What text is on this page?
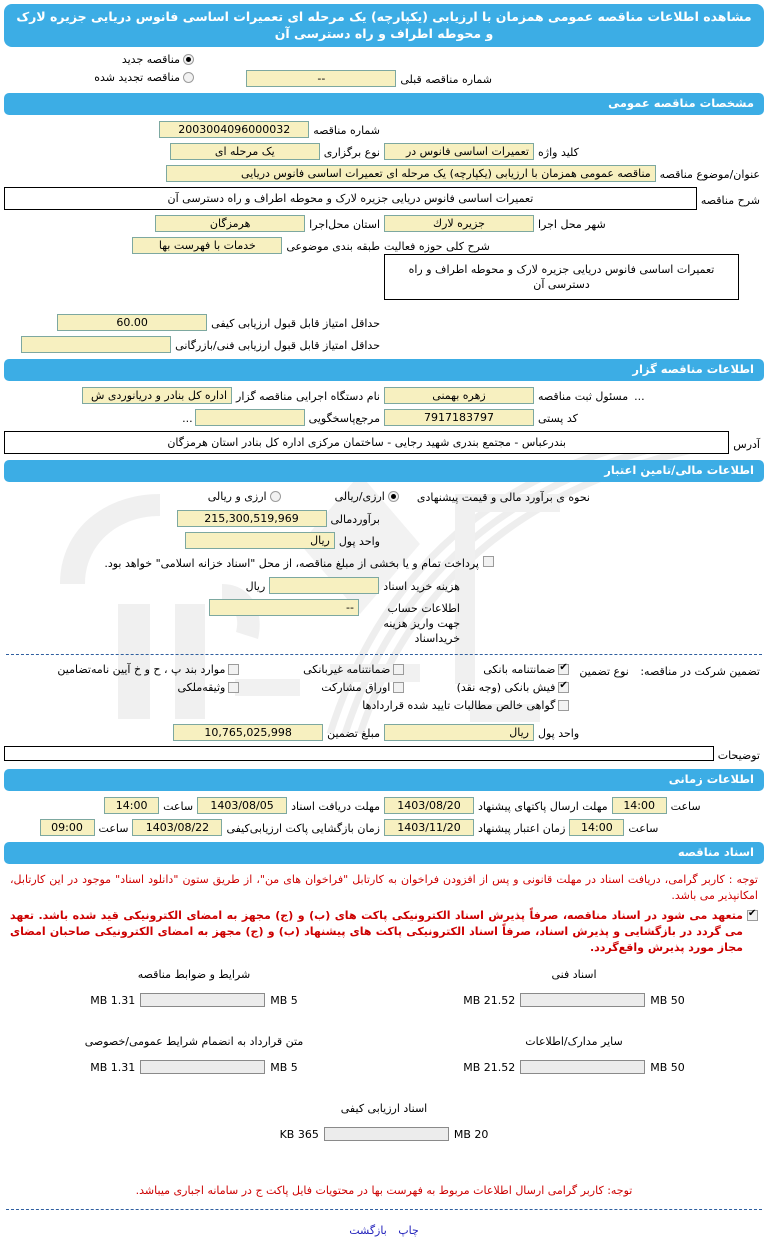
مشاهده اطلاعات مناقصه عمومی همزمان با ارزیابی (یکپارچه) یک مرحله ای تعمیرات اساسی فانوس دریایی جزیره لارک و محوطه اطراف و راه دسترسی آن
مناقصه جدید
مناقصه تجدید شده	شماره مناقصه قبلی
--
مشخصات مناقصه عمومی
شماره مناقصه
2003004096000032
کلید واژه
تعمیرات اساسی فانوس در
نوع برگزاری
یک مرحله ای
عنوان/موضوع مناقصه
مناقصه عمومی همزمان با ارزیابی (یکپارچه) یک مرحله ای تعمیرات اساسی فانوس دریایی
شرح مناقصه
تعمیرات اساسی فانوس دریایی جزیره لارک و محوطه اطراف و راه دسترسی آن
شهر محل اجرا
جزیره لارك
استان محل‌اجرا
هرمزگان
شرح کلی حوزه فعالیت
تعمیرات اساسی فانوس دریایی جزیره لارک و محوطه اطراف و راه دسترسی آن
طبقه بندی موضوعی
خدمات با فهرست بها
حداقل امتیاز قابل قبول ارزیابی کیفی
60.00
حداقل امتیاز قابل قبول ارزیابی فنی/بازرگانی
اطلاعات مناقصه گزار
...
مسئول ثبت مناقصه
زهره بهمنی
نام دستگاه اجرایی مناقصه گزار
اداره کل بنادر و دریانوردی ش
کد پستی
7917183797
مرجع‌پاسخگویی
...
آدرس
بندرعباس - مجتمع بندری شهید رجایی - ساختمان مرکزی اداره کل بنادر استان هرمزگان
اطلاعات مالی/تامین اعتبار
نحوه ی برآورد مالی و قیمت پیشنهادی
ارزی/ریالی
ارزی و ریالی
برآوردمالی
215,300,519,969
واحد پول
ریال
پرداخت تمام و یا بخشی از مبلغ مناقصه، از محل "اسناد خزانه اسلامی" خواهد بود.
هزینه خرید اسناد
ریال
اطلاعات حساب جهت واریز هزینه خریداسناد
--
تضمین شرکت در مناقصه: نوع تضمین
✔
ضمانتنامه بانکی
✔
فیش بانکی (وجه نقد)
گواهی خالص مطالبات تایید شده قراردادها
ضمانتنامه غیربانکی
اوراق مشارکت
موارد بند پ ، ح و خ آیین نامه‌تضامین
وثیقه‌ملکی
واحد پول
ریال
مبلغ تضمین
10,765,025,998
توضیحات
اطلاعات زمانی
ساعت
14:00
مهلت ارسال پاکتهای پیشنهاد
1403/08/20
مهلت دریافت اسناد
1403/08/05
ساعت
14:00
ساعت
14:00
زمان اعتبار پیشنهاد
1403/11/20
زمان بازگشایی پاکت ارزیابی‌کیفی
1403/08/22
ساعت
09:00
اسناد مناقصه
توجه : کاربر گرامی، دریافت اسناد در مهلت قانونی و پس از افزودن فراخوان به کارتابل "فراخوان های من"، از طریق ستون "دانلود اسناد" موجود در این کارتابل، امکانپذیر می باشد.
✔
متعهد می شود در اسناد مناقصه، صرفاً پذیرش اسناد الکترونیکی پاکت های (ب) و (ج) مجهز به امضای الکترونیکی قید شده باشد. تعهد می گردد در بازگشایی و پذیرش اسناد، صرفاً اسناد الکترونیکی پاکت های پیشنهاد (ب) و (ج) مجهز به امضای الکترونیکی صاحبان امضای مجاز مورد پذیرش واقع‌گردد.
اسناد فنی
50 MB
21.52 MB
شرایط و ضوابط مناقصه
5 MB
1.31 MB
سایر مدارک/اطلاعات
50 MB
21.52 MB
متن قرارداد به انضمام شرایط عمومی/خصوصی
5 MB
1.31 MB
اسناد ارزیابی کیفی
20 MB
365 KB
توجه: کاربر گرامی ارسال اطلاعات مربوط به فهرست بها در محتویات فایل پاکت ج در سامانه اجباری میباشد.
چاپ بازگشت
